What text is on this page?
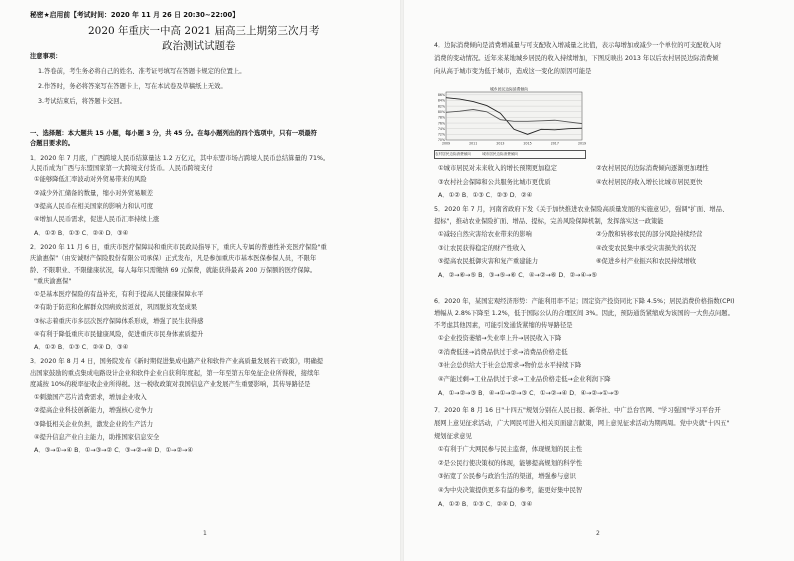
秘密★启用前【考试时间：2020 年 11 月 26 日 20:30~22:00】
2020 年重庆一中高 2021 届高三上期第三次月考
政治测试试题卷
注意事项：
1.答卷前，考生务必将自己的姓名、准考证号填写在答题卡规定的位置上。
2.作答时，务必将答案写在答题卡上，写在本试卷及草稿纸上无效。
3.考试结束后，将答题卡交回。
一、选择题：本大题共 15 小题，每小题 3 分，共 45 分。在每小题列出的四个选项中，只有一项最符
合题目要求的。
1．2020 年 7 月底，广西跨境人民币结算量达 1.2 万亿元，其中东盟市场占跨境人民币总结算量的 71%。
人民币成为广西与东盟国家第一大跨境支付货币。人民币跨境支付
①能够降低汇率波动对外贸易带来的风险
②减少外汇储备的数量，缩小对外贸易顺差
③提高人民币在相关国家的影响力和认可度
④增加人民币需求，促进人民币汇率持续上涨
A．①② B．①③ C．②④ D．③④
2．2020 年 11 月 6 日，重庆市医疗保障局和重庆市民政局指导下，重庆人专属的普惠性补充医疗保险"重
庆渝惠保"（由安诚财产保险股份有限公司承保）正式发布，凡是参加重庆市基本医保参保人员，不限年
龄、不限职业、不限健康状况，每人每年只需缴纳 69 元保费，就能获得最高 200 万保额的医疗保障。
"重庆渝惠保"
①是基本医疗保险的有益补充，有利于提高人民健康保障水平
②有助于防范和化解群众因病致贫返贫，巩固脱贫攻坚成果
③标志着重庆市多层次医疗保障体系形成，增强了民生获得感
④有利于降低重庆市民健康风险，促进重庆市民身体素质提升
A．①② B．①③ C．②④ D．③④
3．2020 年 8 月 4 日，国务院发布《新时期促进集成电路产业和软件产业高质量发展若干政策》，明确提
出国家鼓励的重点集成电路设计企业和软件企业自获利年度起，第一年至第五年免征企业所得税，接续年
度减按 10%的税率征收企业所得税。这一税收政策对我国信息产业发展产生重要影响，其传导路径是
①刺激国产芯片消费需求，增加企业收入
②提高企业科技创新能力，增强核心竞争力
③降低相关企业负担，激发企业的生产活力
④提升信息产业自主能力，助推国家信息安全
A．③→①→④ B．①→③→② C．③→②→④ D．①→②→④
1
4．边际消费倾向是消费增减量与可支配收入增减量之比值，表示每增加或减少一个单位的可支配收入时
消费的变动情况。近年来某地城乡居民的收入持续增加，下图反映出 2013 年以后农村居民边际消费倾
向从高于城市变为低于城市，造成这一变化的原因可能是
城乡居民边际消费倾向
86%
84%
82%
80%
78%
76%
74%
72%
70%
2009	2011	2013	2015	2017	2019
农村居民边际消费倾向	城市居民边际消费倾向
①城市居民对未来收入的增长预期更加稳定	②农村居民的边际消费倾向逐渐更加理性
③农村社会保障和公共服务比城市更优质	④农村居民的收入增长比城市居民更快
A．①② B．①③ C．②③ D．②④
5．2020 年 7 月，河南省政府下发《关于加快推进农业保险高质量发展的实施意见》，强调"扩面、增品、
提标"，推动农业保险扩面、增品、提标，完善风险保障机制，发挥落实这一政策能
①减轻自然灾害给农业带来的影响	②分散和转移农民的部分风险持续经营
③让农民获得稳定的财产性收入	④改变农民集中承受灾害损失的状况
⑤提高农民抵御灾害和复产重建能力	⑥促进乡村产业振兴和农民持续增收
A．②→⑥→⑤ B．③→⑤→⑥ C．④→②→⑥ D．②→④→⑤
6．2020 年，某国宏观经济形势：产能利用率不足；固定资产投资同比下降 4.5%；居民消费价格指数(CPI)
增幅从 2.8%下降至 1.2%，低于国际公认的合理区间 3%。因此，预防通货紧缩成为该国的一大焦点问题。
不考虑其他因素，可能引发通货紧缩的传导路径是
①企业投资萎缩→失业率上升→居民收入下降
②消费低迷→消费品供过于求→消费品价格走低
③社会总供给大于社会总需求→物价总水平持续下降
④产能过剩→工业品供过于求→工业品价格走低→企业利润下降
A．①→②→③ B．④→①→②→③ C．①→②→④ D．④→②→①→③
7．2020 年 8 月 16 日"十四五"规划分别在人民日报、新华社、中广总台官网、"学习强国"学习平台开
展网上意见征求活动，广大网民可进入相关页面建言献策，网上意见征求活动为期两周。党中央就"十四五"
规划征求意见
①有利于广大网民参与民主监督，体现规划的民主性
②是公民行使决策权的体现，能够提高规划的科学性
③拓宽了公民参与政治生活的渠道，增强参与意识
④为中央决策提供更多有益的参考，能更好集中民智
A．①② B．①③ C．②④ D．③④
2
